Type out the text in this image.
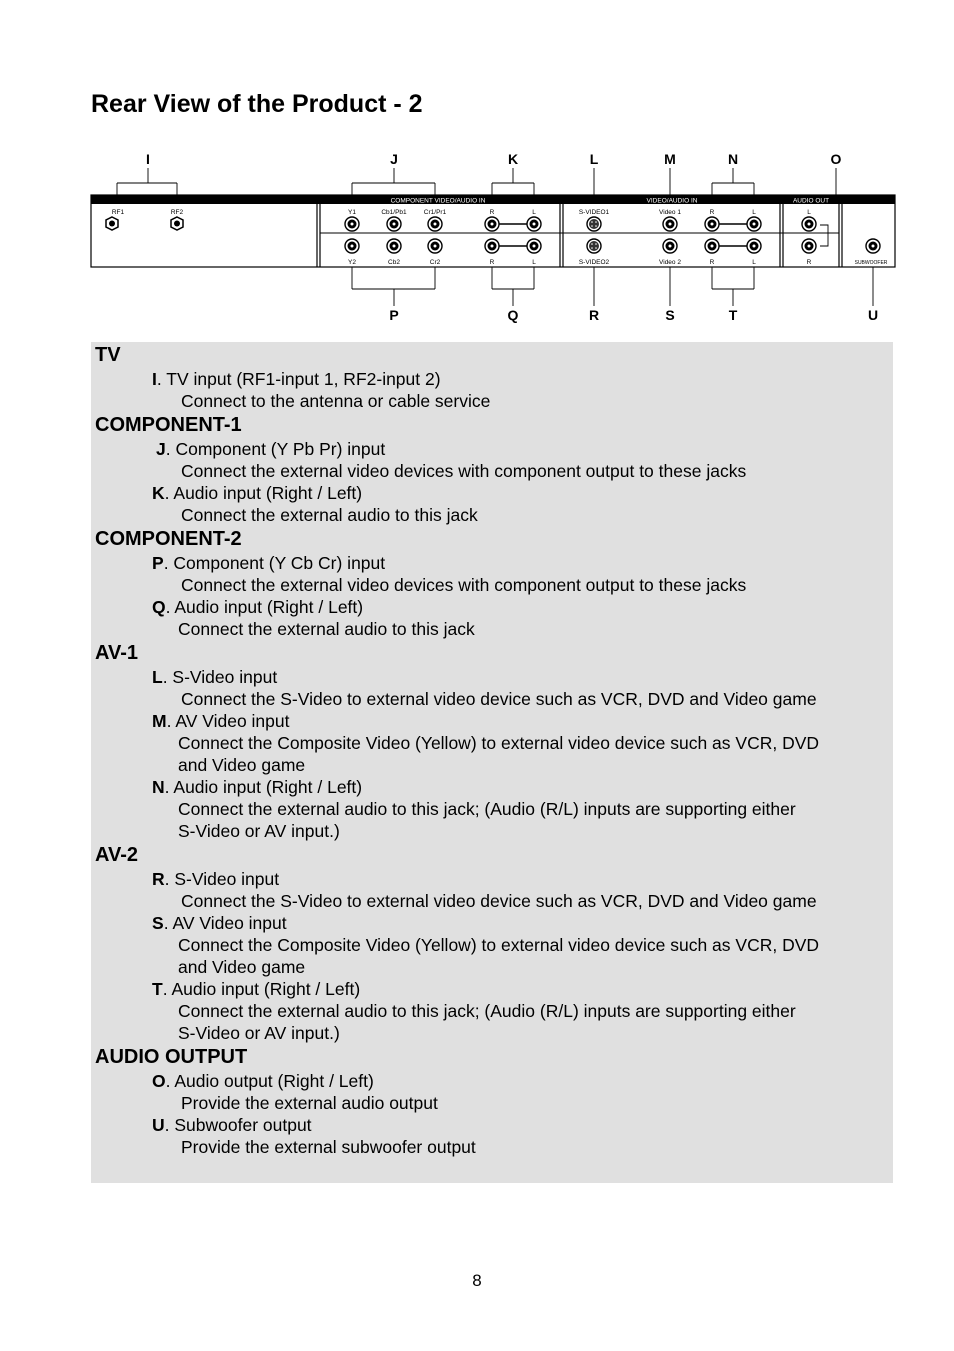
Rear View of the Product - 2
COMPONENT VIDEO/AUDIO IN	VIDEO/AUDIO IN	AUDIO OUT
RF1	RF2	Y1	Cb1/Pb1	Cr1/Pr1	R	L	S-VIDEO1	Video 1	R	L	L
Y2	Cb2	Cr2	R	L	S-VIDEO2	Video 2	R	L	R	SUBWOOFER
I	J	K	L	M	N	O
P	Q	R	S	T	U
TV
I. TV input (RF1-input 1, RF2-input 2)
Connect to the antenna or cable service
COMPONENT-1
J. Component (Y Pb Pr) input
Connect the external video devices with component output to these jacks
K. Audio input (Right / Left)
Connect the external audio to this jack
COMPONENT-2
P. Component (Y Cb Cr) input
Connect the external video devices with component output to these jacks
Q. Audio input (Right / Left)
Connect the external audio to this jack
AV-1
L. S-Video input
Connect the S-Video to external video device such as VCR, DVD and Video game
M. AV Video input
Connect the Composite Video (Yellow) to external video device such as VCR, DVD
and Video game
N. Audio input (Right / Left)
Connect the external audio to this jack; (Audio (R/L) inputs are supporting either
S-Video or AV input.)
AV-2
R. S-Video input
Connect the S-Video to external video device such as VCR, DVD and Video game
S. AV Video input
Connect the Composite Video (Yellow) to external video device such as VCR, DVD
and Video game
T. Audio input (Right / Left)
Connect the external audio to this jack; (Audio (R/L) inputs are supporting either
S-Video or AV input.)
AUDIO OUTPUT
O. Audio output (Right / Left)
Provide the external audio output
U. Subwoofer output
Provide the external subwoofer output
8
